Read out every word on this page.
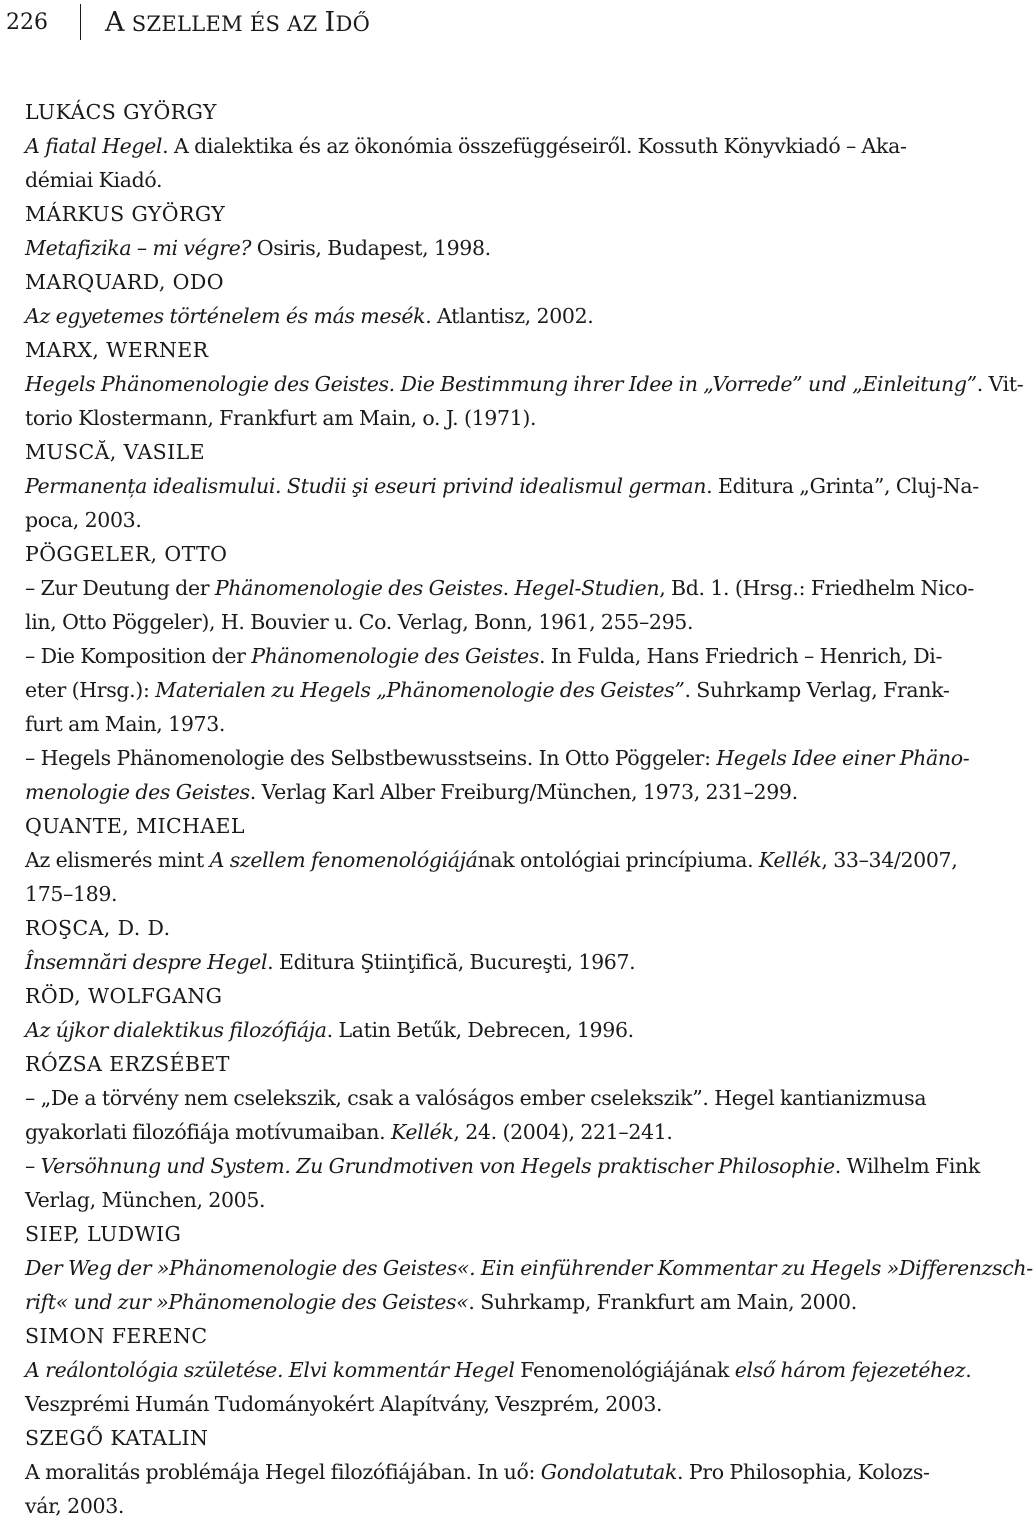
226	A SZELLEM ÉS AZ IDŐ
LUKÁCS GYÖRGY
A fiatal Hegel. A dialektika és az ökonómia összefüggéseiről. Kossuth Könyvkiadó – Aka-
démiai Kiadó.
MÁRKUS GYÖRGY
Metafizika – mi végre? Osiris, Budapest, 1998.
MARQUARD, ODO
Az egyetemes történelem és más mesék. Atlantisz, 2002.
MARX, WERNER
Hegels Phänomenologie des Geistes. Die Bestimmung ihrer Idee in „Vorrede” und „Einleitung”. Vit-
torio Klostermann, Frankfurt am Main, o. J. (1971).
MUSCĂ, VASILE
Permanența idealismului. Studii şi eseuri privind idealismul german. Editura „Grinta”, Cluj-Na-
poca, 2003.
PÖGGELER, OTTO
– Zur Deutung der Phänomenologie des Geistes. Hegel-Studien, Bd. 1. (Hrsg.: Friedhelm Nico-
lin, Otto Pöggeler), H. Bouvier u. Co. Verlag, Bonn, 1961, 255–295.
– Die Komposition der Phänomenologie des Geistes. In Fulda, Hans Friedrich – Henrich, Di-
eter (Hrsg.): Materialen zu Hegels „Phänomenologie des Geistes”. Suhrkamp Verlag, Frank-
furt am Main, 1973.
– Hegels Phänomenologie des Selbstbewusstseins. In Otto Pöggeler: Hegels Idee einer Phäno-
menologie des Geistes. Verlag Karl Alber Freiburg/München, 1973, 231–299.
QUANTE, MICHAEL
Az elismerés mint A szellem fenomenológiájának ontológiai princípiuma. Kellék, 33–34/2007,
175–189.
ROŞCA, D. D.
Însemnări despre Hegel. Editura Ştiinţifică, Bucureşti, 1967.
RÖD, WOLFGANG
Az újkor dialektikus filozófiája. Latin Betűk, Debrecen, 1996.
RÓZSA ERZSÉBET
– „De a törvény nem cselekszik, csak a valóságos ember cselekszik”. Hegel kantianizmusa
gyakorlati filozófiája motívumaiban. Kellék, 24. (2004), 221–241.
– Versöhnung und System. Zu Grundmotiven von Hegels praktischer Philosophie. Wilhelm Fink
Verlag, München, 2005.
SIEP, LUDWIG
Der Weg der »Phänomenologie des Geistes«. Ein einführender Kommentar zu Hegels »Differenzsch-
rift« und zur »Phänomenologie des Geistes«. Suhrkamp, Frankfurt am Main, 2000.
SIMON FERENC
A reálontológia születése. Elvi kommentár Hegel Fenomenológiájának első három fejezetéhez.
Veszprémi Humán Tudományokért Alapítvány, Veszprém, 2003.
SZEGŐ KATALIN
A moralitás problémája Hegel filozófiájában. In uő: Gondolatutak. Pro Philosophia, Kolozs-
vár, 2003.
